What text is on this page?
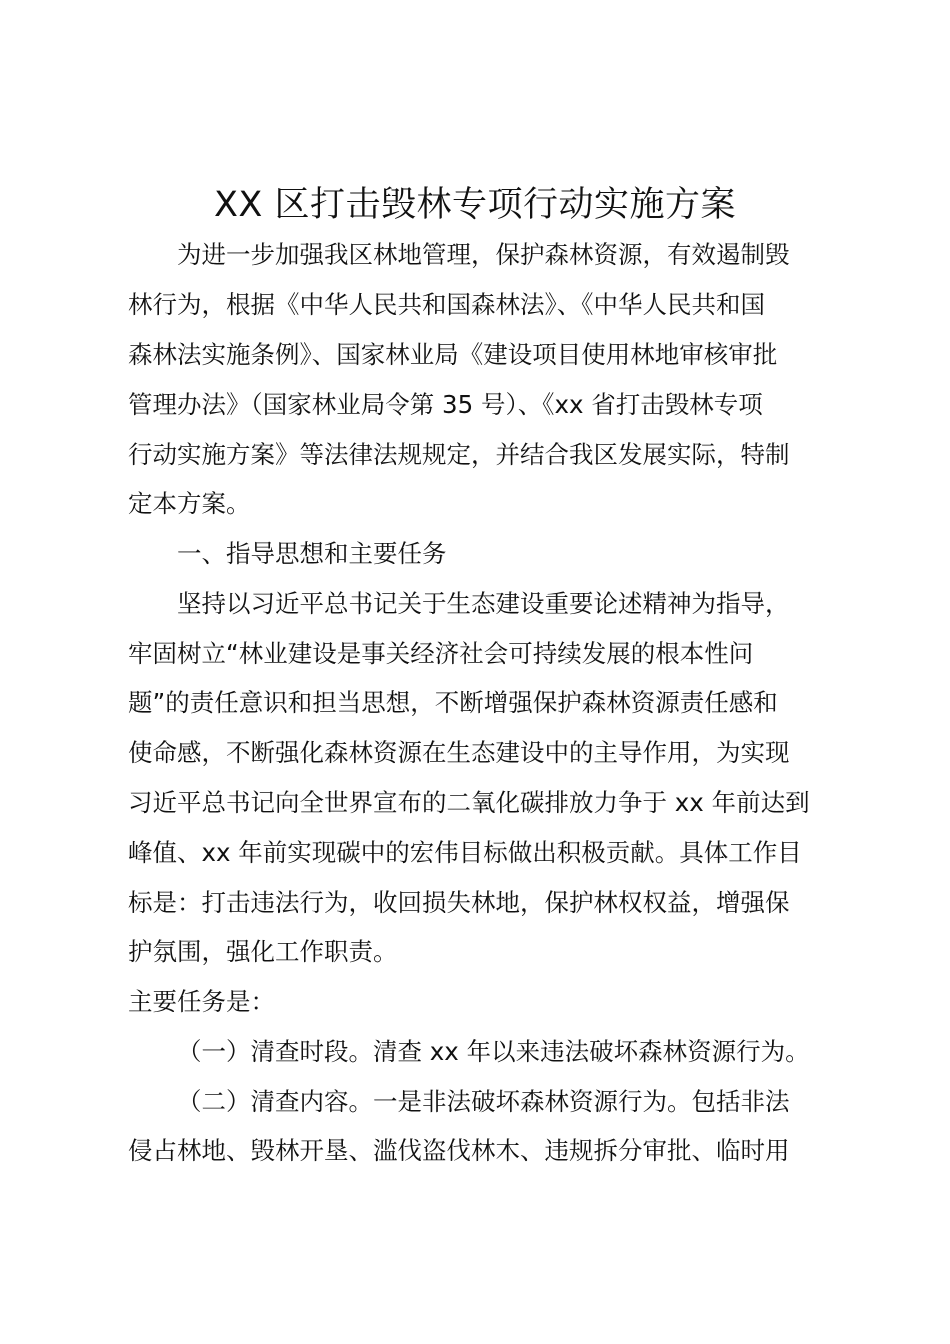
XX 区打击毁林专项行动实施方案

为进一步加强我区林地管理，保护森林资源，有效遏制毁

林行为，根据《中华人民共和国森林法》、《中华人民共和国

森林法实施条例》、国家林业局《建设项目使用林地审核审批

管理办法》（国家林业局令第 35 号）、《xx 省打击毁林专项

行动实施方案》等法律法规规定，并结合我区发展实际，特制

定本方案。

一、指导思想和主要任务

坚持以习近平总书记关于生态建设重要论述精神为指导，

牢固树立“林业建设是事关经济社会可持续发展的根本性问

题”的责任意识和担当思想，不断增强保护森林资源责任感和

使命感，不断强化森林资源在生态建设中的主导作用，为实现

习近平总书记向全世界宣布的二氧化碳排放力争于 xx 年前达到

峰值、xx 年前实现碳中的宏伟目标做出积极贡献。具体工作目

标是：打击违法行为，收回损失林地，保护林权权益，增强保

护氛围，强化工作职责。

主要任务是：

（一）清查时段。清查 xx 年以来违法破坏森林资源行为。

（二）清查内容。一是非法破坏森林资源行为。包括非法

侵占林地、毁林开垦、滥伐盗伐林木、违规拆分审批、临时用
